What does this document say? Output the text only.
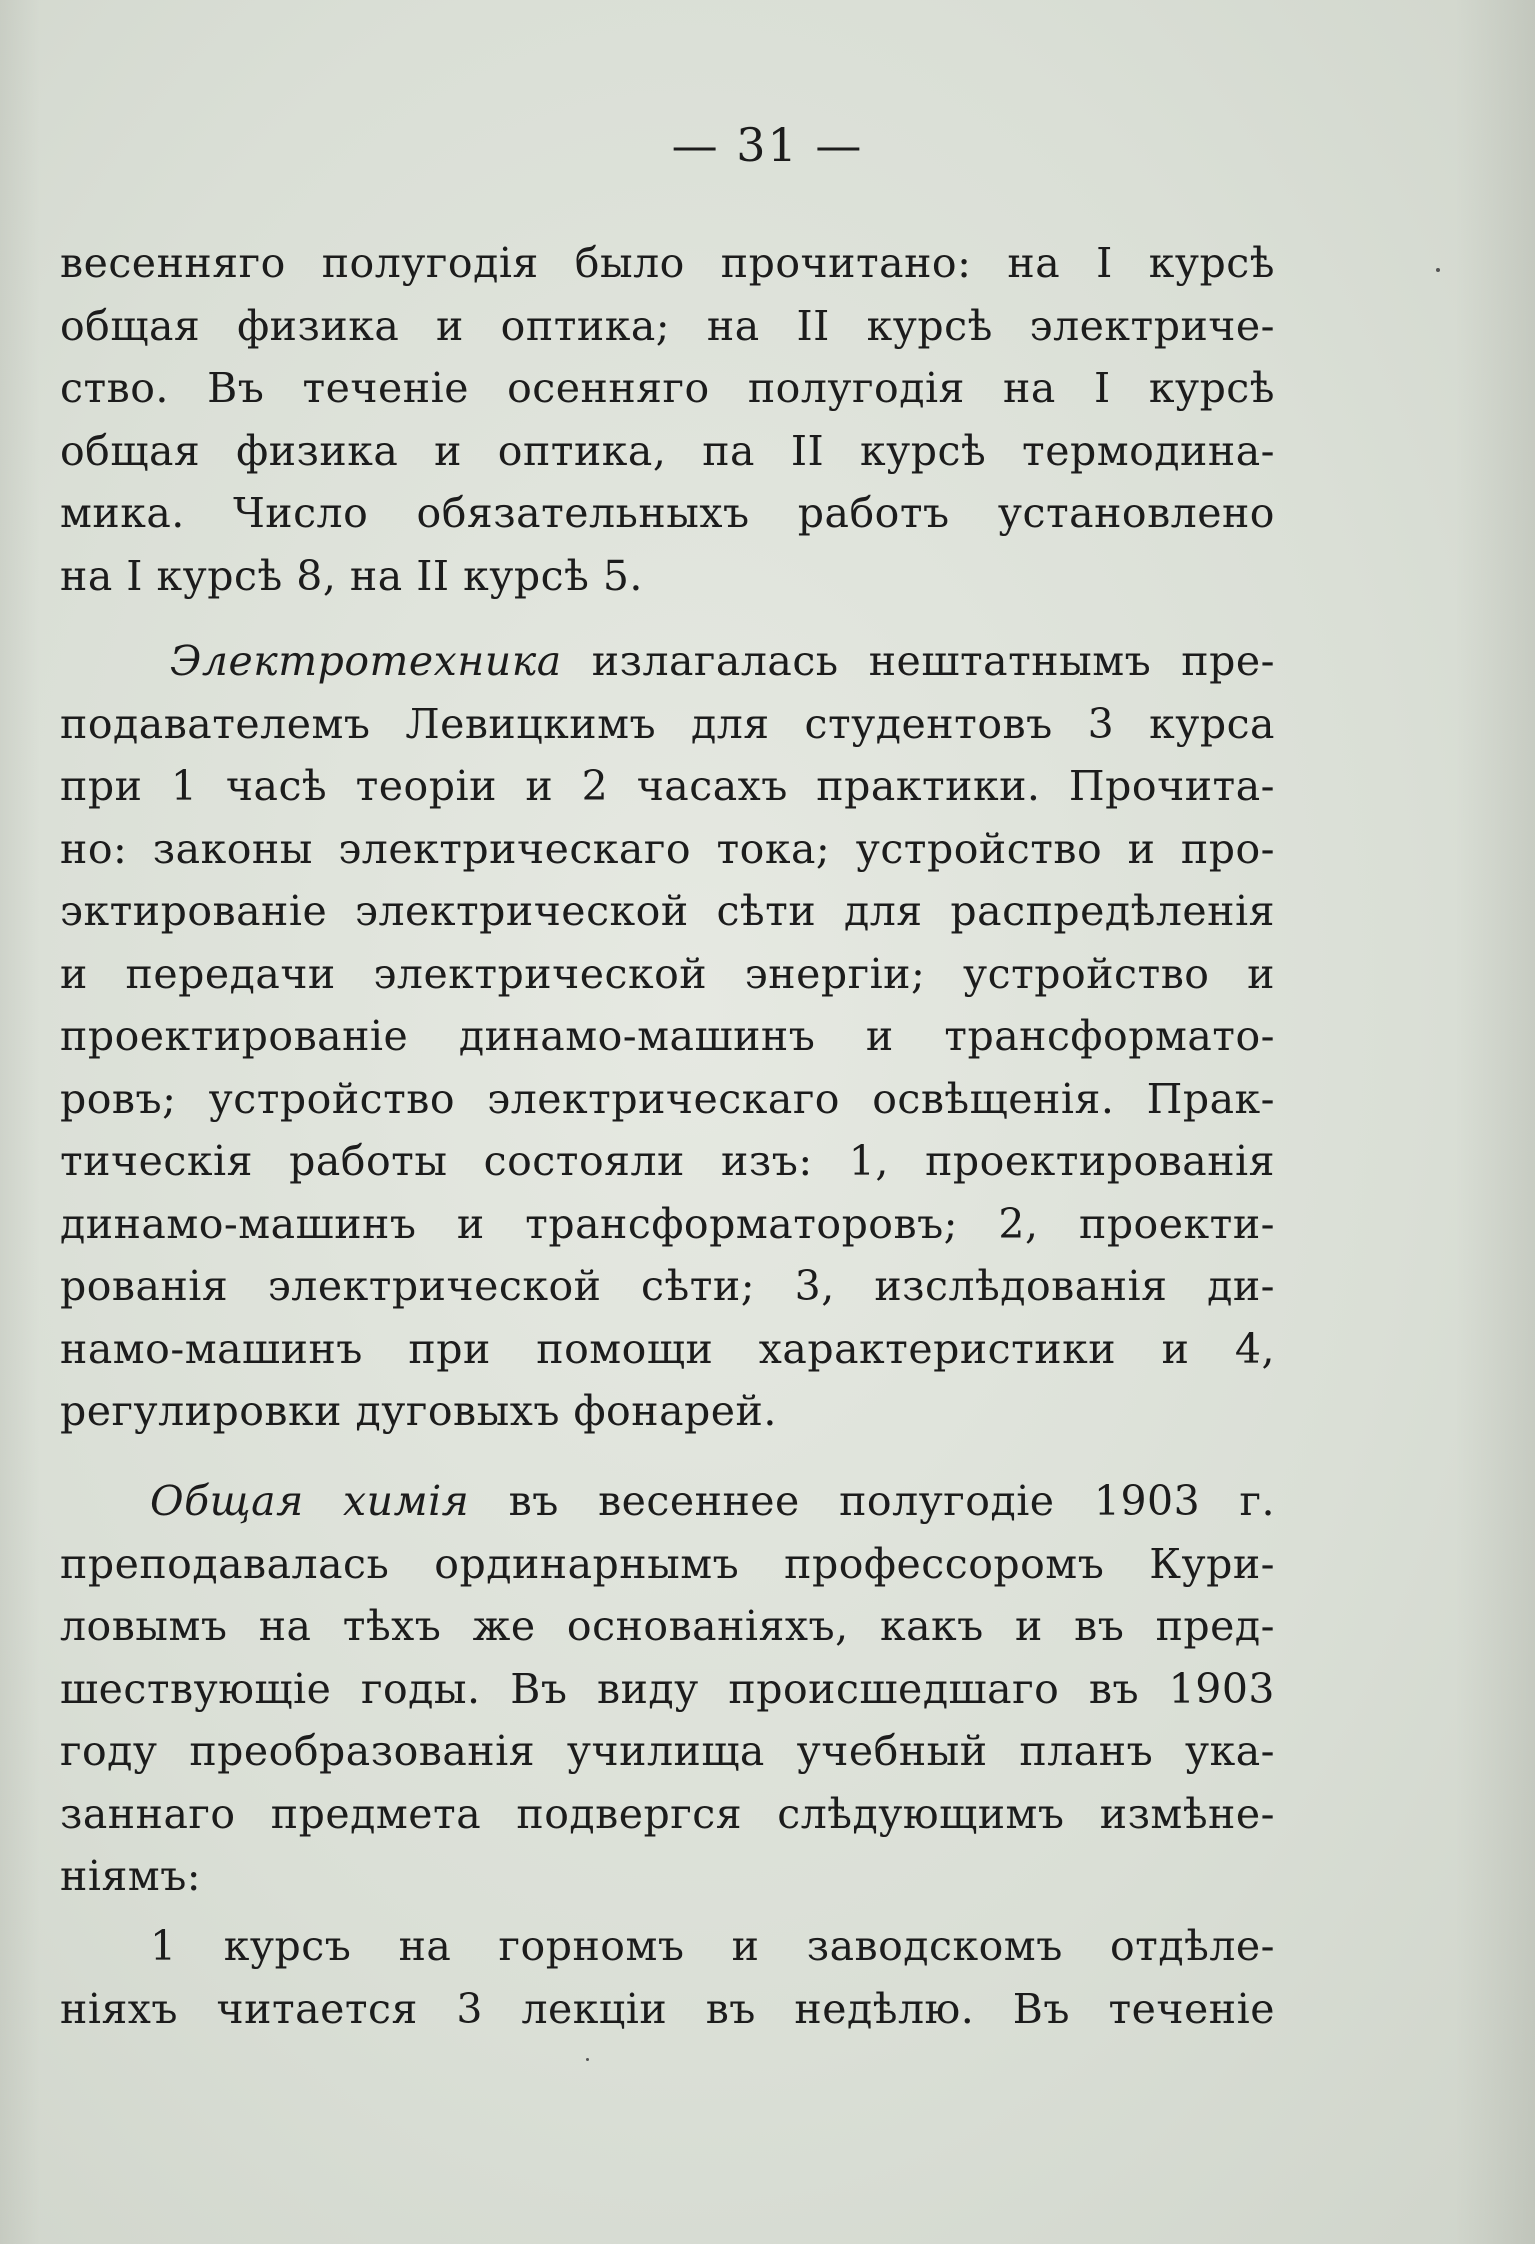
— 31 —
весенняго полугодія было прочитано: на I курсѣ
общая физика и оптика; на II курсѣ электриче-
ство. Въ теченіе осенняго полугодія на I курсѣ
общая физика и оптика, па II курсѣ термодина-
мика. Число обязательныхъ работъ установлено
на I курсѣ 8, на II курсѣ 5.
Электротехника излагалась нештатнымъ пре-
подавателемъ Левицкимъ для студентовъ 3 курса
при 1 часѣ теоріи и 2 часахъ практики. Прочита-
но: законы электрическаго тока; устройство и про-
эктированіе электрической сѣти для распредѣленія
и передачи электрической энергіи; устройство и
проектированіе динамо-машинъ и трансформато-
ровъ; устройство электрическаго освѣщенія. Прак-
тическія работы состояли изъ: 1, проектированія
динамо-машинъ и трансформаторовъ; 2, проекти-
рованія электрической сѣти; 3, изслѣдованія ди-
намо-машинъ при помощи характеристики и 4,
регулировки дуговыхъ фонарей.
Общая химія въ весеннее полугодіе 1903 г.
преподавалась ординарнымъ профессоромъ Кури-
ловымъ на тѣхъ же основаніяхъ, какъ и въ пред-
шествующіе годы. Въ виду происшедшаго въ 1903
году преобразованія училища учебный планъ ука-
заннаго предмета подвергся слѣдующимъ измѣне-
ніямъ:
1 курсъ на горномъ и заводскомъ отдѣле-
ніяхъ читается 3 лекціи въ недѣлю. Въ теченіе
